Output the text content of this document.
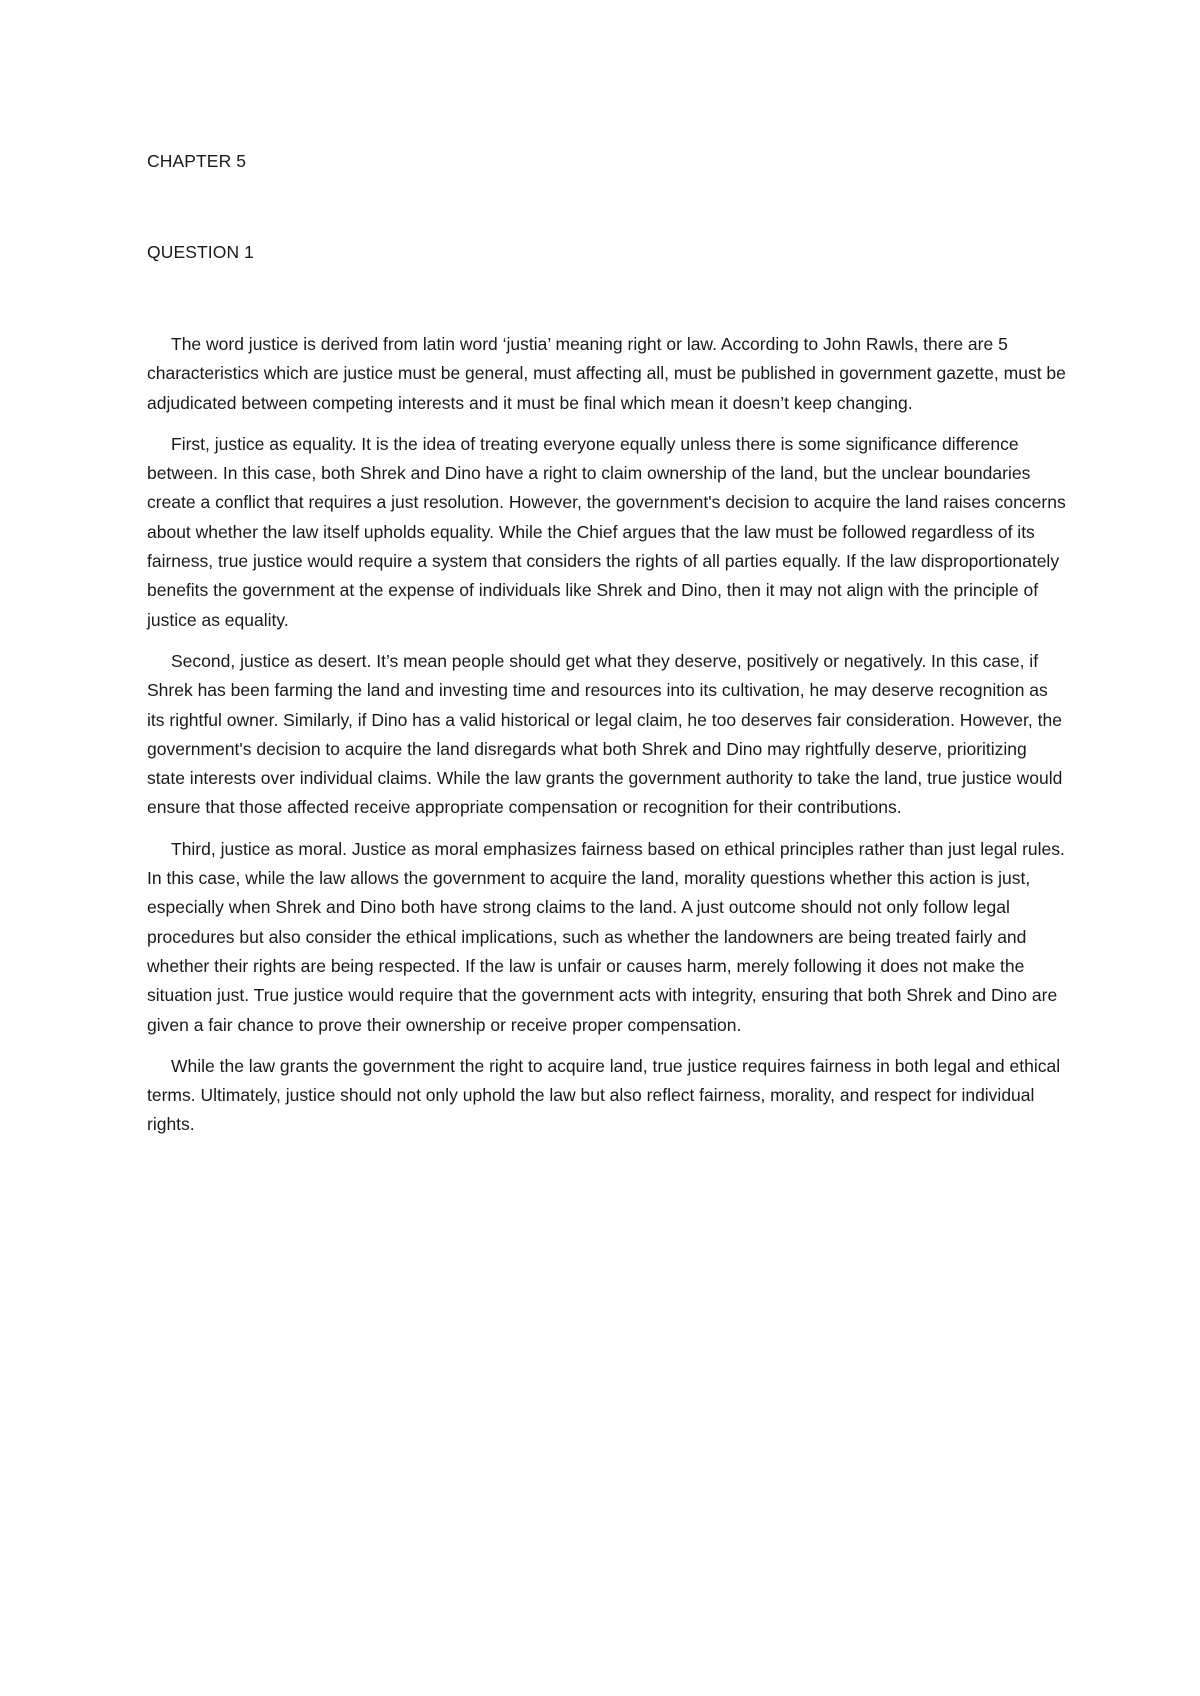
CHAPTER 5
QUESTION 1

The word justice is derived from latin word ‘justia’ meaning right or law. According to John Rawls, there are 5 characteristics which are justice must be general, must affecting all, must be published in government gazette, must be adjudicated between competing interests and it must be final which mean it doesn’t keep changing.

First, justice as equality. It is the idea of treating everyone equally unless there is some significance difference between. In this case, both Shrek and Dino have a right to claim ownership of the land, but the unclear boundaries create a conflict that requires a just resolution. However, the government's decision to acquire the land raises concerns about whether the law itself upholds equality. While the Chief argues that the law must be followed regardless of its fairness, true justice would require a system that considers the rights of all parties equally. If the law disproportionately benefits the government at the expense of individuals like Shrek and Dino, then it may not align with the principle of justice as equality.

Second, justice as desert. It’s mean people should get what they deserve, positively or negatively. In this case, if Shrek has been farming the land and investing time and resources into its cultivation, he may deserve recognition as its rightful owner. Similarly, if Dino has a valid historical or legal claim, he too deserves fair consideration. However, the government's decision to acquire the land disregards what both Shrek and Dino may rightfully deserve, prioritizing state interests over individual claims. While the law grants the government authority to take the land, true justice would ensure that those affected receive appropriate compensation or recognition for their contributions.

Third, justice as moral. Justice as moral emphasizes fairness based on ethical principles rather than just legal rules. In this case, while the law allows the government to acquire the land, morality questions whether this action is just, especially when Shrek and Dino both have strong claims to the land. A just outcome should not only follow legal procedures but also consider the ethical implications, such as whether the landowners are being treated fairly and whether their rights are being respected. If the law is unfair or causes harm, merely following it does not make the situation just. True justice would require that the government acts with integrity, ensuring that both Shrek and Dino are given a fair chance to prove their ownership or receive proper compensation.

While the law grants the government the right to acquire land, true justice requires fairness in both legal and ethical terms. Ultimately, justice should not only uphold the law but also reflect fairness, morality, and respect for individual rights.
